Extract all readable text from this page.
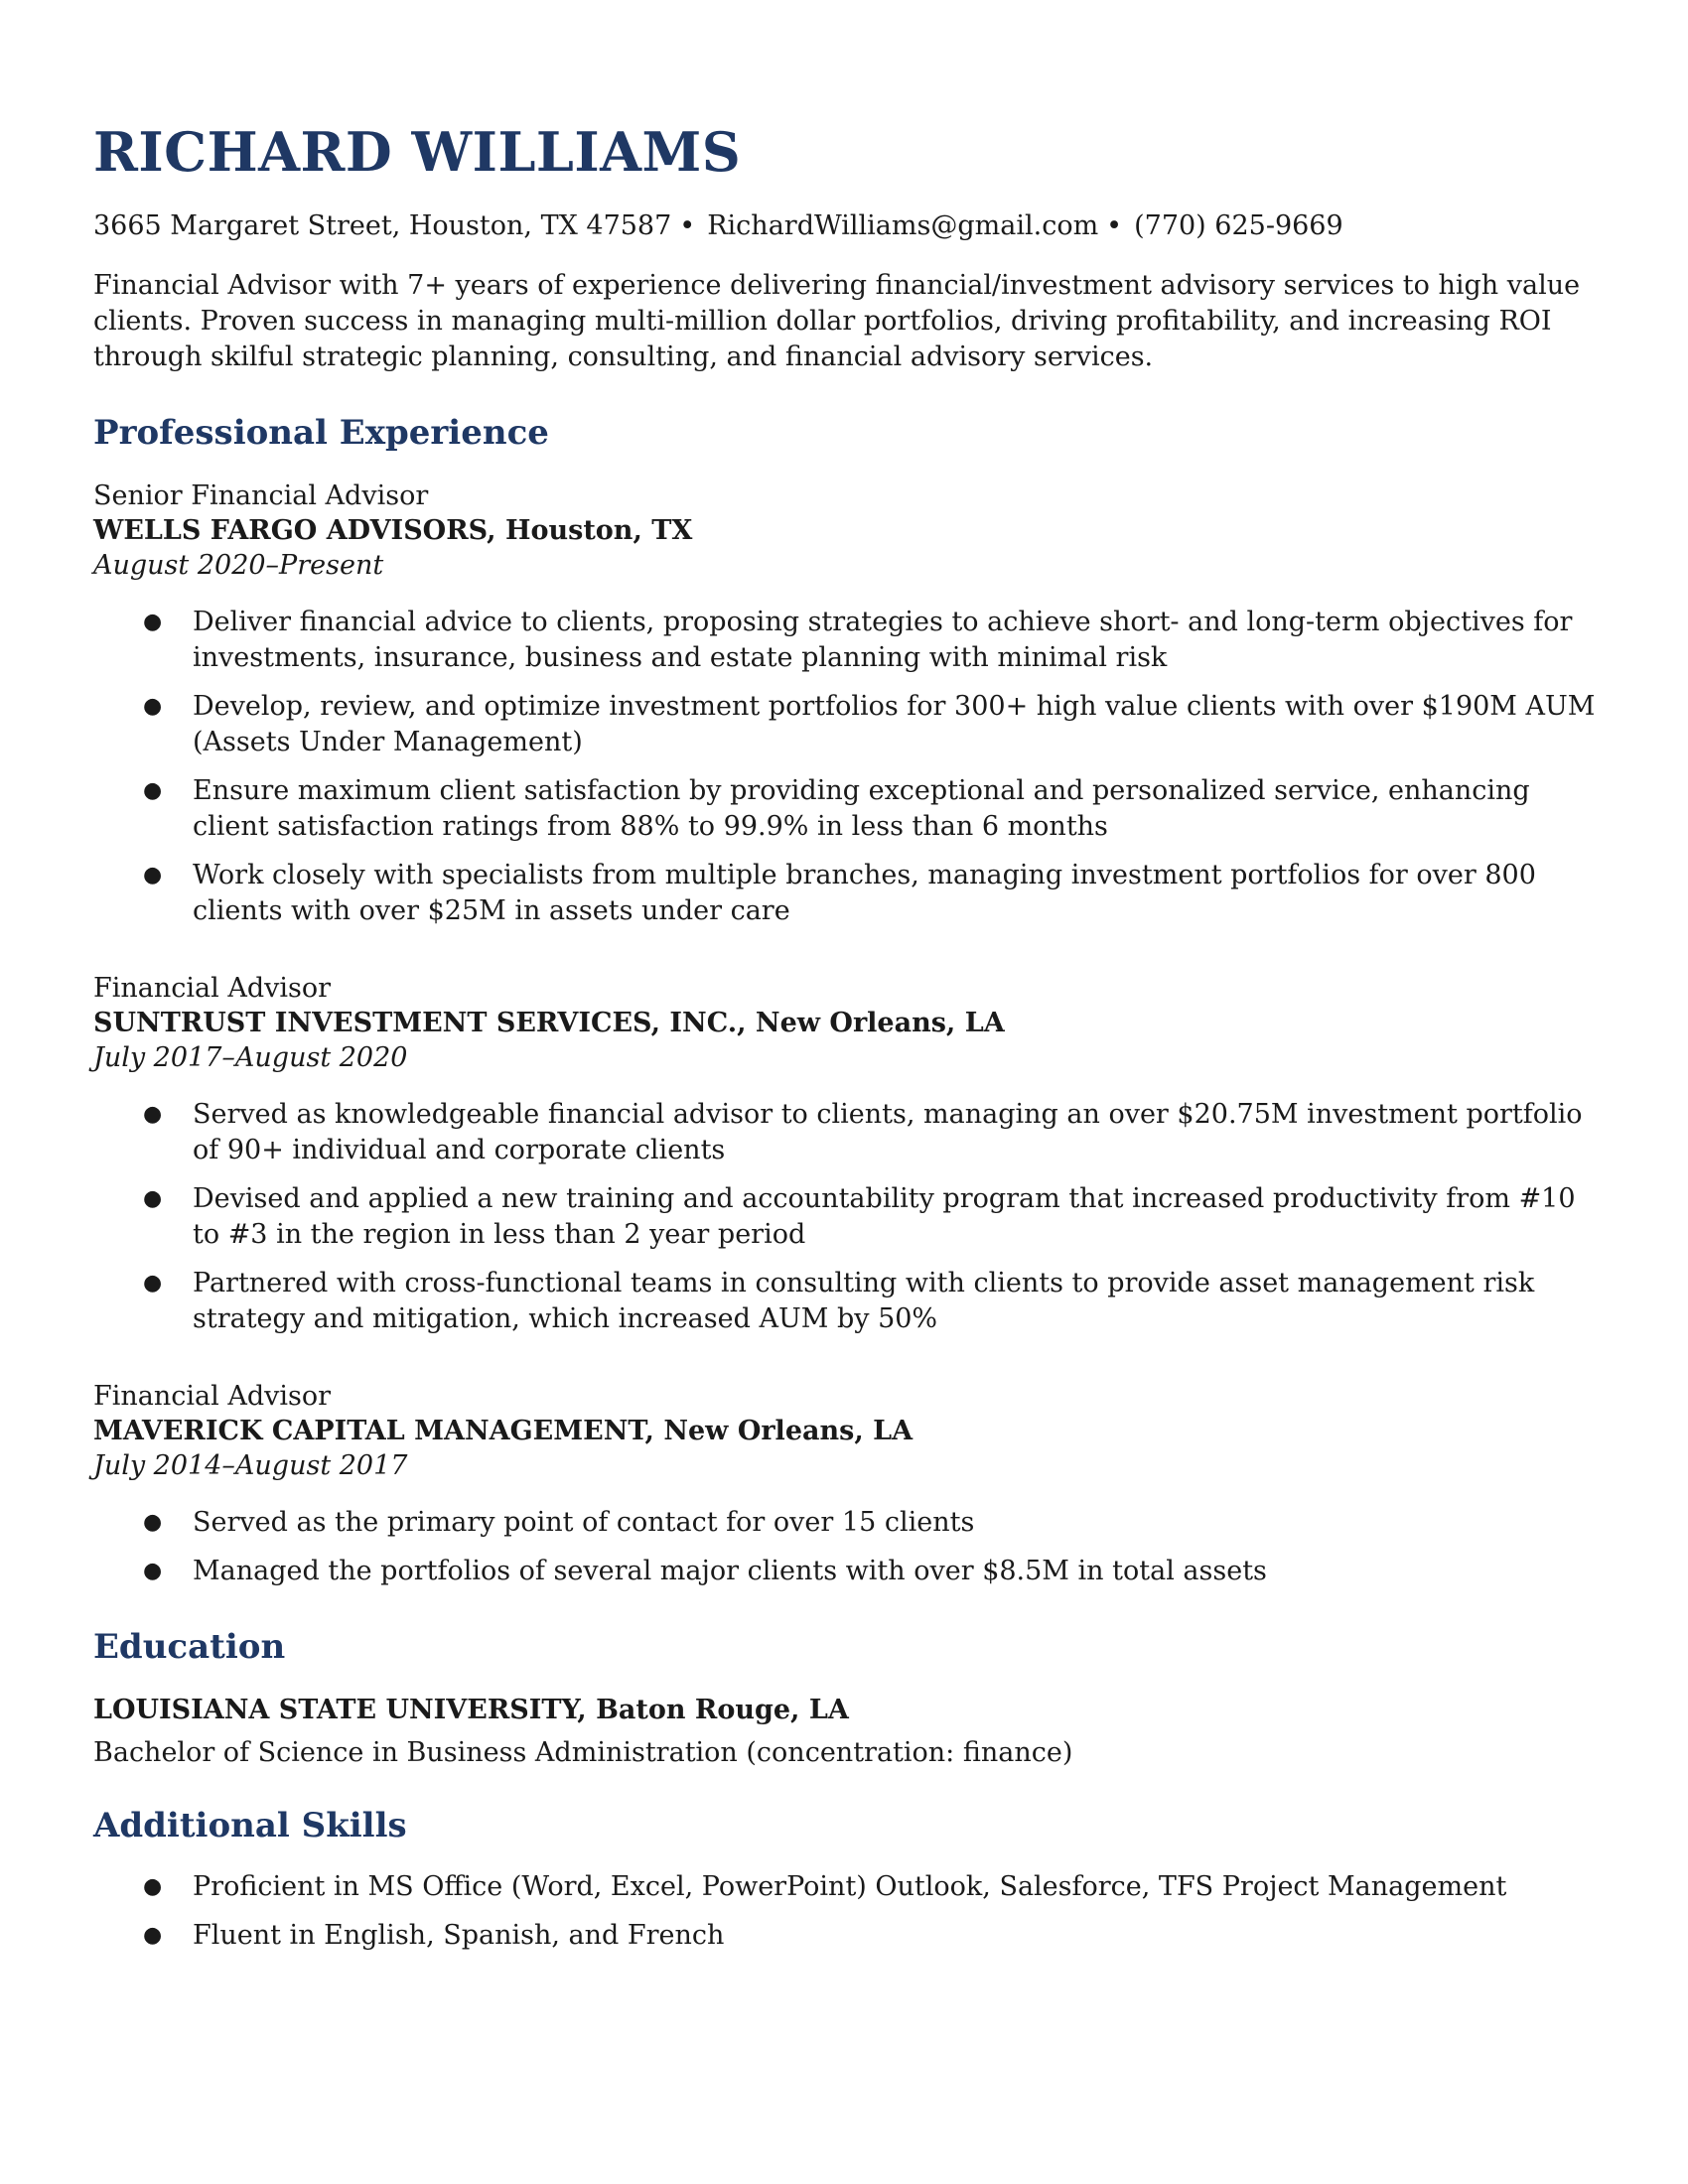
RICHARD WILLIAMS
3665 Margaret Street, Houston, TX 47587 • RichardWilliams@gmail.com • (770) 625-9669
Financial Advisor with 7+ years of experience delivering financial/investment advisory services to high value clients. Proven success in managing multi-million dollar portfolios, driving profitability, and increasing ROI through skilful strategic planning, consulting, and financial advisory services.
Professional Experience
Senior Financial Advisor
WELLS FARGO ADVISORS, Houston, TX
August 2020–Present
● Deliver financial advice to clients, proposing strategies to achieve short- and long-term objectives for investments, insurance, business and estate planning with minimal risk
● Develop, review, and optimize investment portfolios for 300+ high value clients with over $190M AUM (Assets Under Management)
● Ensure maximum client satisfaction by providing exceptional and personalized service, enhancing client satisfaction ratings from 88% to 99.9% in less than 6 months
● Work closely with specialists from multiple branches, managing investment portfolios for over 800 clients with over $25M in assets under care
Financial Advisor
SUNTRUST INVESTMENT SERVICES, INC., New Orleans, LA
July 2017–August 2020
● Served as knowledgeable financial advisor to clients, managing an over $20.75M investment portfolio of 90+ individual and corporate clients
● Devised and applied a new training and accountability program that increased productivity from #10 to #3 in the region in less than 2 year period
● Partnered with cross-functional teams in consulting with clients to provide asset management risk strategy and mitigation, which increased AUM by 50%
Financial Advisor
MAVERICK CAPITAL MANAGEMENT, New Orleans, LA
July 2014–August 2017
● Served as the primary point of contact for over 15 clients
● Managed the portfolios of several major clients with over $8.5M in total assets
Education
LOUISIANA STATE UNIVERSITY, Baton Rouge, LA
Bachelor of Science in Business Administration (concentration: finance)
Additional Skills
● Proficient in MS Office (Word, Excel, PowerPoint) Outlook, Salesforce, TFS Project Management
● Fluent in English, Spanish, and French
